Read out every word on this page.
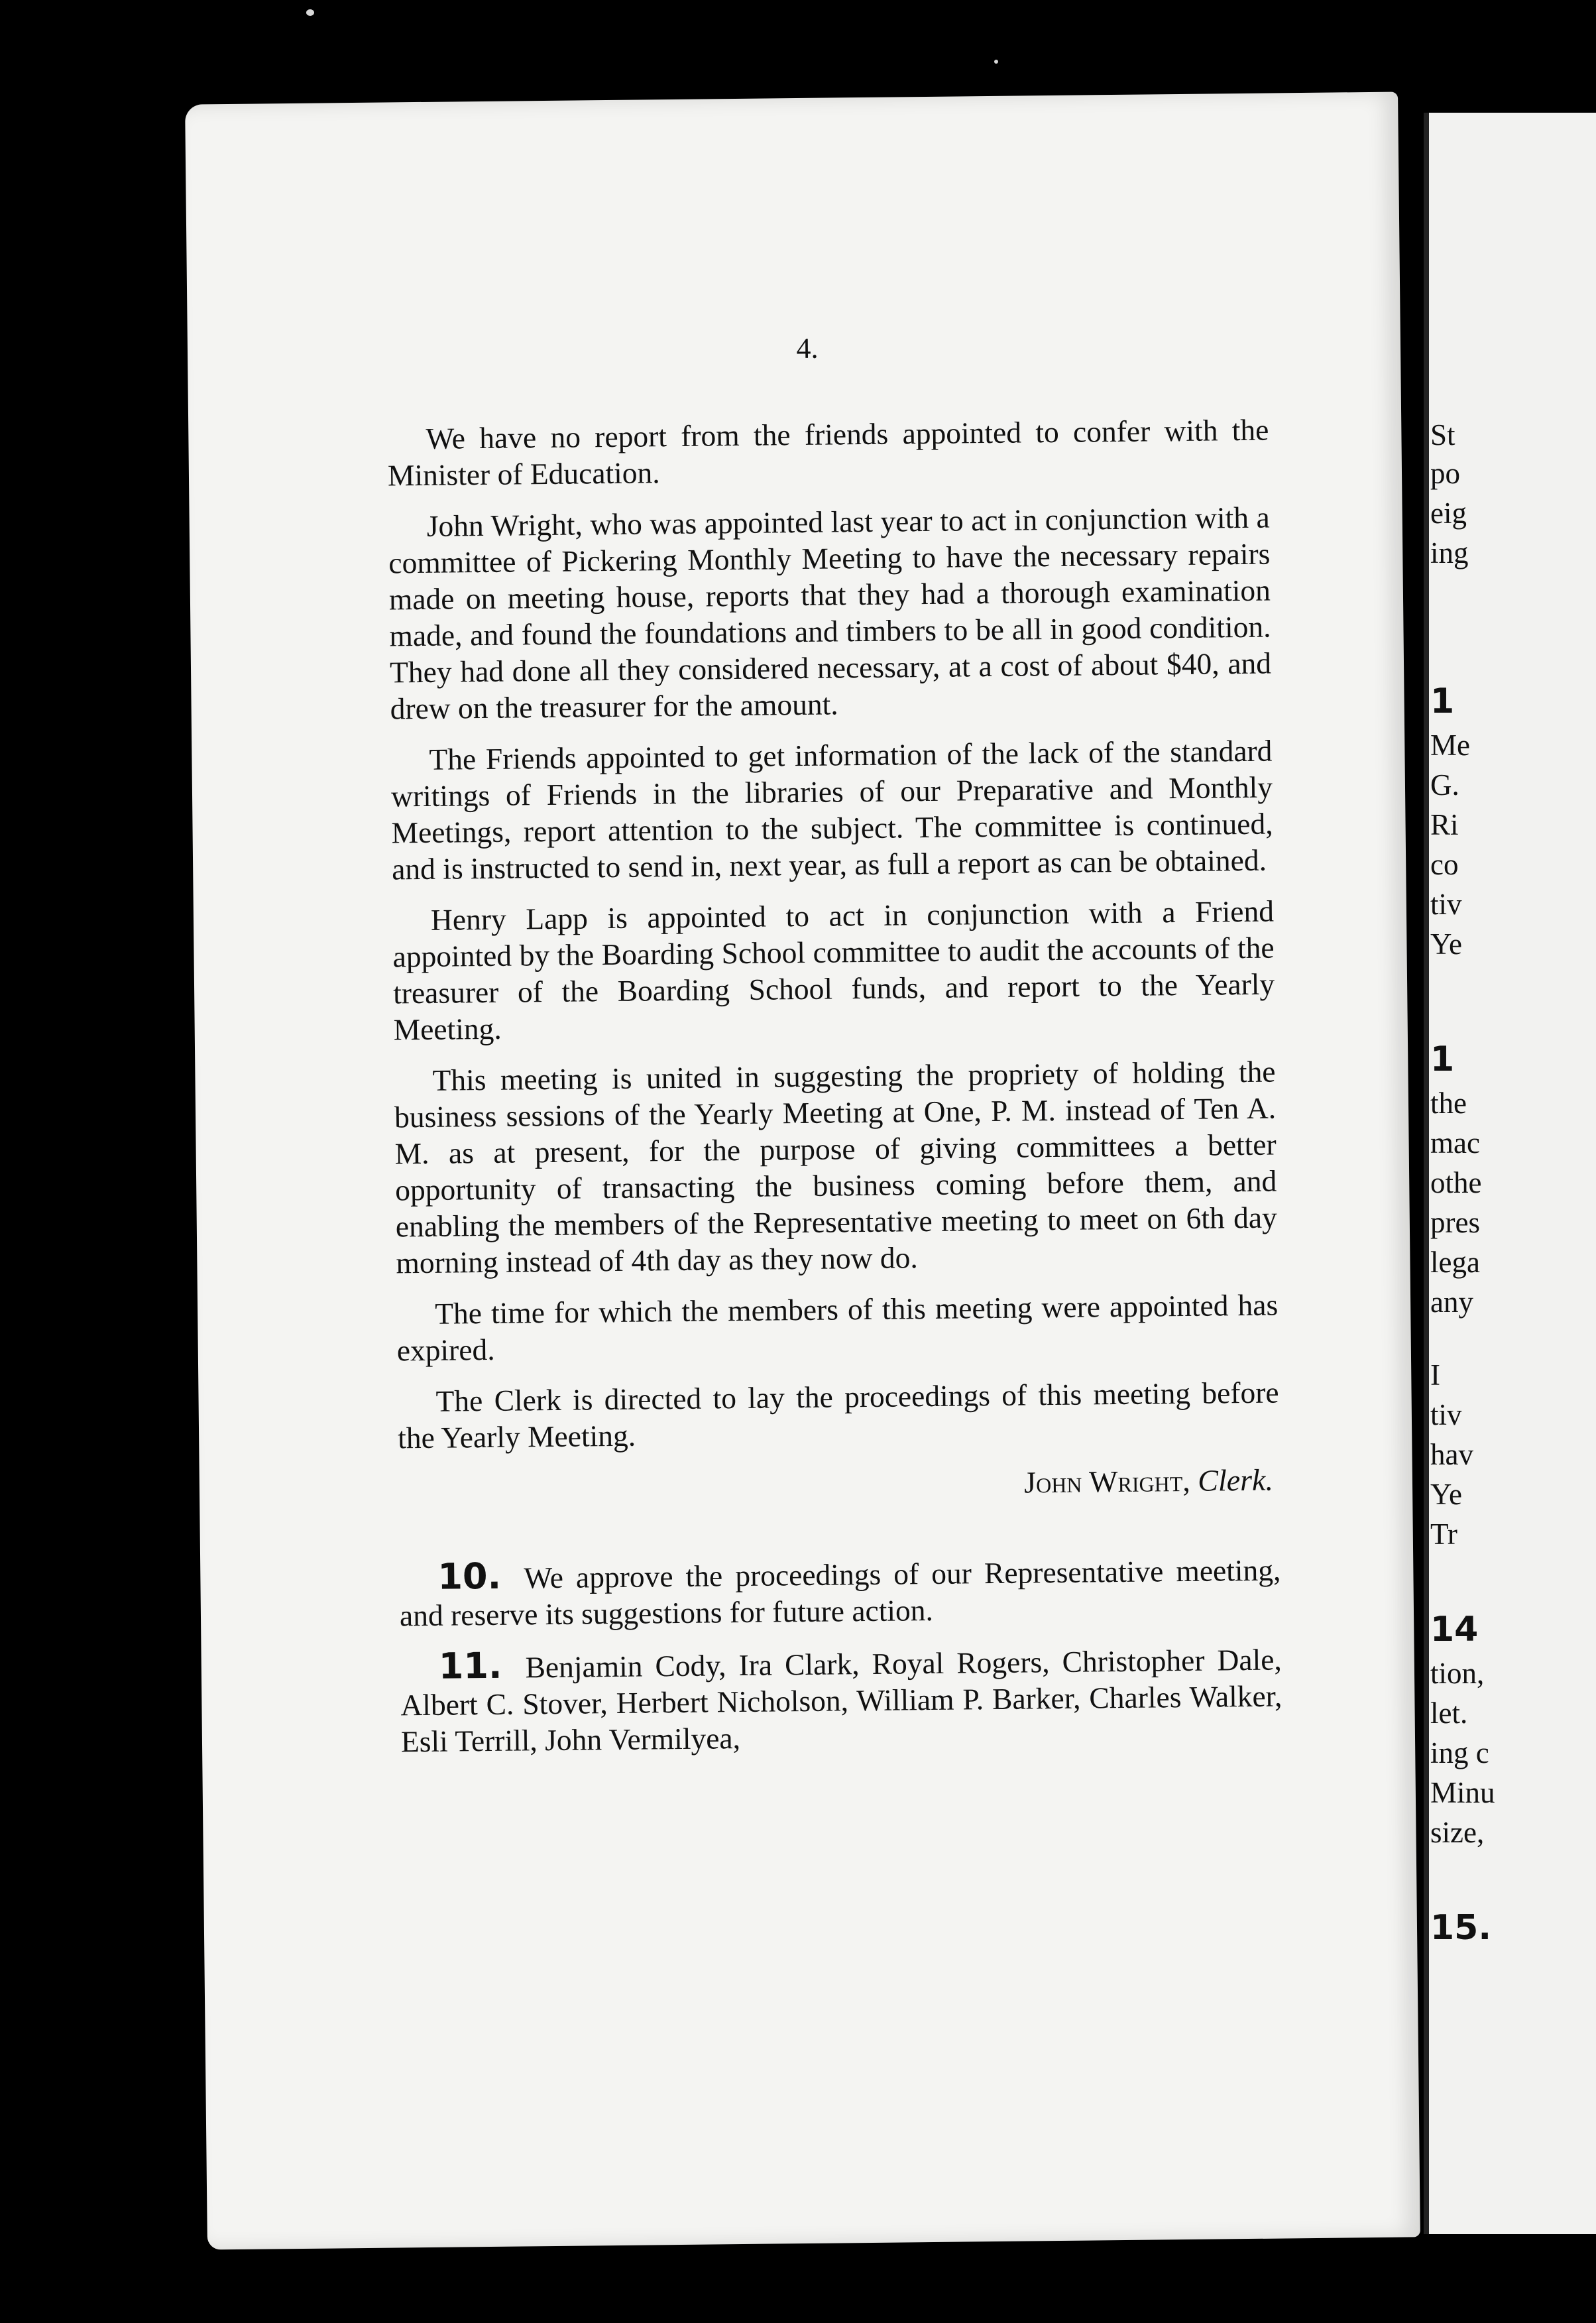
4.

We have no report from the friends appointed to confer with the Minister of Education.

John Wright, who was appointed last year to act in conjunction with a committee of Pickering Monthly Meeting to have the necessary repairs made on meeting house, reports that they had a thorough examination made, and found the foundations and timbers to be all in good condition. They had done all they considered necessary, at a cost of about $40, and drew on the treasurer for the amount.

The Friends appointed to get information of the lack of the standard writings of Friends in the libraries of our Preparative and Monthly Meetings, report attention to the subject. The committee is continued, and is instructed to send in, next year, as full a report as can be obtained.

Henry Lapp is appointed to act in conjunction with a Friend appointed by the Boarding School committee to audit the accounts of the treasurer of the Boarding School funds, and report to the Yearly Meeting.

This meeting is united in suggesting the propriety of holding the business sessions of the Yearly Meeting at One, P. M. instead of Ten A. M. as at present, for the purpose of giving committees a better opportunity of transacting the business coming before them, and enabling the members of the Representative meeting to meet on 6th day morning instead of 4th day as they now do.

The time for which the members of this meeting were appointed has expired.

The Clerk is directed to lay the proceedings of this meeting before the Yearly Meeting.

John Wright, Clerk.

10. We approve the proceedings of our Representative meeting, and reserve its suggestions for future action.

11. Benjamin Cody, Ira Clark, Royal Rogers, Christopher Dale, Albert C. Stover, Herbert Nicholson, William P. Barker, Charles Walker, Esli Terrill, John Vermilyea,

St
po
eig
ing
1
Me
G.
Ri
co
tiv
Ye
1
the
mac
othe
pres
lega
any
I
tiv
hav
Ye
Tr
14
tion,
let.
ing c
Minu
size,
15.
